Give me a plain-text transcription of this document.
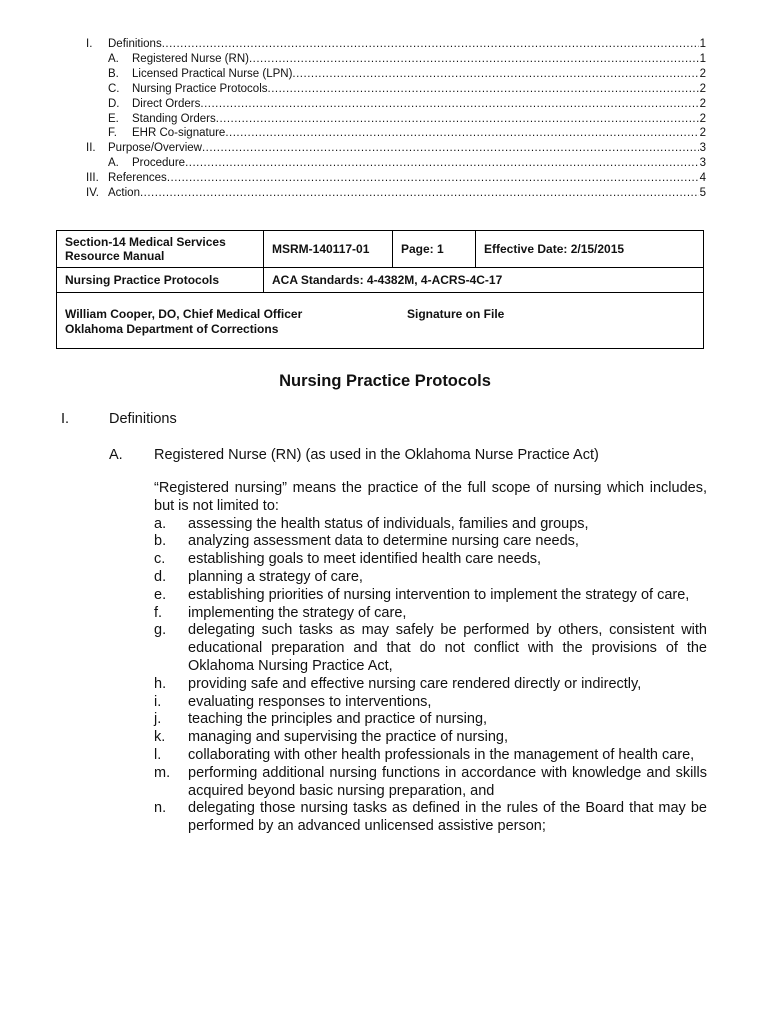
I.	Definitions .....	1
A.	Registered Nurse (RN) .....	1
B.	Licensed Practical Nurse (LPN) .....	2
C.	Nursing Practice Protocols .....	2
D.	Direct Orders .....	2
E.	Standing Orders .....	2
F.	EHR Co-signature .....	2
II.	Purpose/Overview .....	3
A.	Procedure .....	3
III. References .....	4
IV. Action .....	5
Section-14 Medical Services
Resource Manual	MSRM-140117-01	Page: 1	Effective Date: 2/15/2015
Nursing Practice Protocols	ACA Standards: 4-4382M, 4-ACRS-4C-17		

William Cooper, DO, Chief Medical Officer
Oklahoma Department of Corrections
Signature on File			
Nursing Practice Protocols
I.	Definitions
A. Registered Nurse (RN) (as used in the Oklahoma Nurse Practice Act)

“Registered nursing” means the practice of the full scope of nursing which includes, but is not limited to:

a.	assessing the health status of individuals, families and groups,
b.	analyzing assessment data to determine nursing care needs,
c.	establishing goals to meet identified health care needs,
d.	planning a strategy of care,
e.	establishing priorities of nursing intervention to implement the strategy of care,
f.	implementing the strategy of care,
g.	delegating such tasks as may safely be performed by others, consistent with educational preparation and that do not conflict with the provisions of the Oklahoma Nursing Practice Act,
h.	providing safe and effective nursing care rendered directly or indirectly,
i.	evaluating responses to interventions,
j.	teaching the principles and practice of nursing,
k.	managing and supervising the practice of nursing,
l.	collaborating with other health professionals in the management of health care,
m.	performing additional nursing functions in accordance with knowledge and skills acquired beyond basic nursing preparation, and
n.	delegating those nursing tasks as defined in the rules of the Board that may be performed by an advanced unlicensed assistive person;
